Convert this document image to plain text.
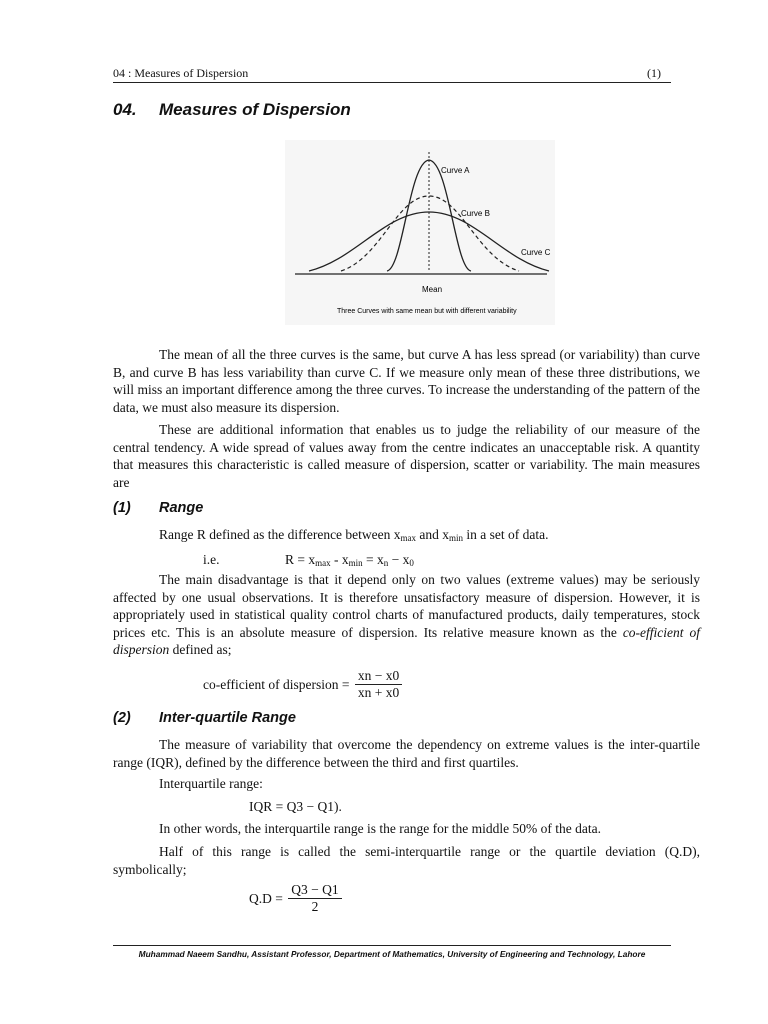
04 : Measures of Dispersion	(1)
04. Measures of Dispersion
Curve A
Curve B
Curve C
Mean
Three Curves with same mean but with different variability
The mean of all the three curves is the same, but curve A has less spread (or variability) than curve B, and curve B has less variability than curve C. If we measure only mean of these three distributions, we will miss an important difference among the three curves. To increase the understanding of the pattern of the data, we must also measure its dispersion.
These are additional information that enables us to judge the reliability of our measure of the central tendency. A wide spread of values away from the centre indicates an unacceptable risk. A quantity that measures this characteristic is called measure of dispersion, scatter or variability. The main measures are
(1) Range
Range R defined as the difference between $x_{max}$ and $x_{min}$ in a set of data.
i.e.	$R = x_{max} - x_{min} = x_n - x_0$
The main disadvantage is that it depend only on two values (extreme values) may be seriously affected by one usual observations. It is therefore unsatisfactory measure of dispersion. However, it is appropriately used in statistical quality control charts of manufactured products, daily temperatures, stock prices etc. This is an absolute measure of dispersion. Its relative measure known as the co-efficient of dispersion defined as;
co-efficient of dispersion = $\frac{xn - x0}{xn + x0}$
(2) Inter-quartile Range
The measure of variability that overcome the dependency on extreme values is the inter-quartile range (IQR), defined by the difference between the third and first quartiles.
Interquartile range:
IQR = Q3 − Q1).
In other words, the interquartile range is the range for the middle 50% of the data.
Half of this range is called the semi-interquartile range or the quartile deviation (Q.D), symbolically;
$Q.D = \frac{Q3 - Q1}{2}$
Muhammad Naeem Sandhu, Assistant Professor, Department of Mathematics, University of Engineering and Technology, Lahore
